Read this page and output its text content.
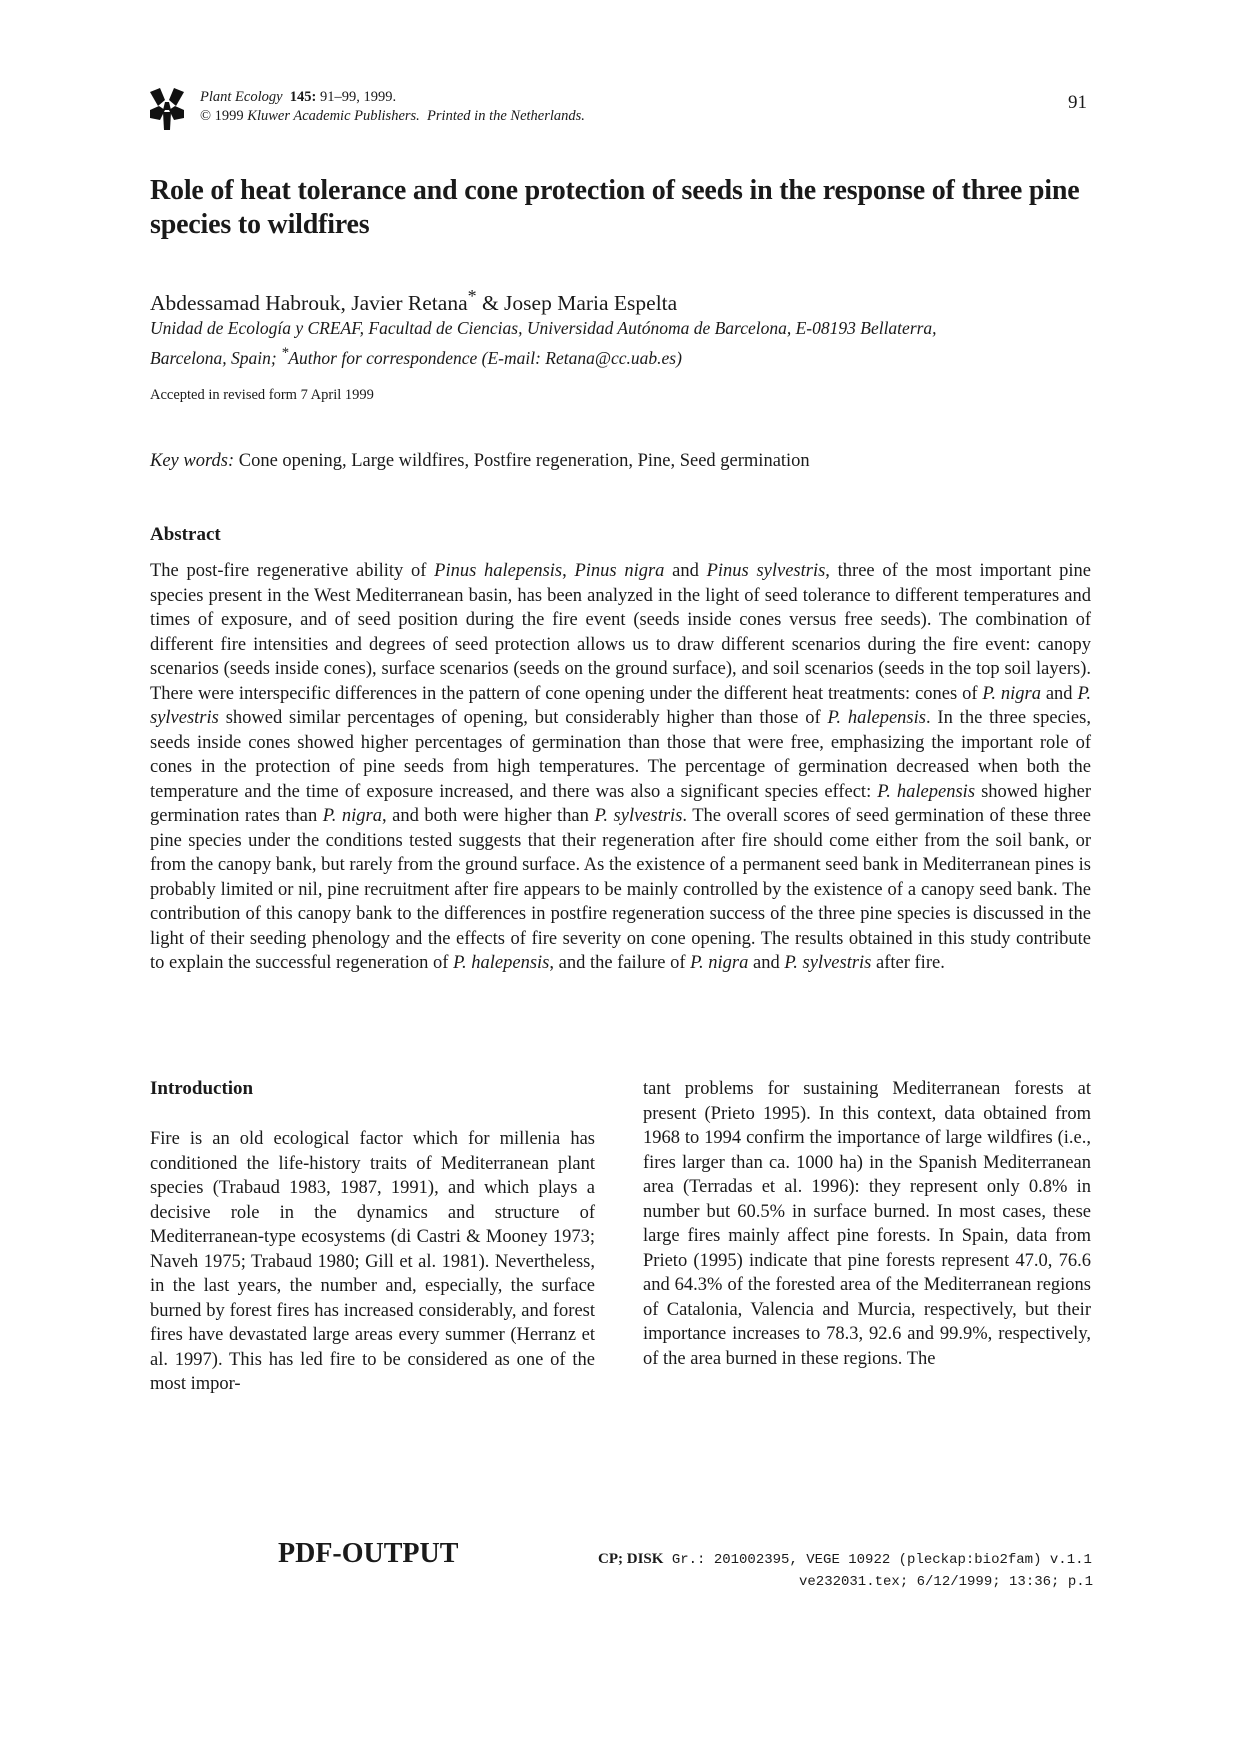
Plant Ecology 145: 91–99, 1999.
© 1999 Kluwer Academic Publishers. Printed in the Netherlands.
91
Role of heat tolerance and cone protection of seeds in the response of three pine species to wildfires
Abdessamad Habrouk, Javier Retana* & Josep Maria Espelta
Unidad de Ecología y CREAF, Facultad de Ciencias, Universidad Autónoma de Barcelona, E-08193 Bellaterra,
Barcelona, Spain; *Author for correspondence (E-mail: Retana@cc.uab.es)
Accepted in revised form 7 April 1999
Key words: Cone opening, Large wildfires, Postfire regeneration, Pine, Seed germination
Abstract
The post-fire regenerative ability of Pinus halepensis, Pinus nigra and Pinus sylvestris, three of the most important pine species present in the West Mediterranean basin, has been analyzed in the light of seed tolerance to different temperatures and times of exposure, and of seed position during the fire event (seeds inside cones versus free seeds). The combination of different fire intensities and degrees of seed protection allows us to draw different scenarios during the fire event: canopy scenarios (seeds inside cones), surface scenarios (seeds on the ground surface), and soil scenarios (seeds in the top soil layers). There were interspecific differences in the pattern of cone opening under the different heat treatments: cones of P. nigra and P. sylvestris showed similar percentages of opening, but considerably higher than those of P. halepensis. In the three species, seeds inside cones showed higher percentages of germination than those that were free, emphasizing the important role of cones in the protection of pine seeds from high temperatures. The percentage of germination decreased when both the temperature and the time of exposure increased, and there was also a significant species effect: P. halepensis showed higher germination rates than P. nigra, and both were higher than P. sylvestris. The overall scores of seed germination of these three pine species under the conditions tested suggests that their regeneration after fire should come either from the soil bank, or from the canopy bank, but rarely from the ground surface. As the existence of a permanent seed bank in Mediterranean pines is probably limited or nil, pine recruitment after fire appears to be mainly controlled by the existence of a canopy seed bank. The contribution of this canopy bank to the differences in postfire regeneration success of the three pine species is discussed in the light of their seeding phenology and the effects of fire severity on cone opening. The results obtained in this study contribute to explain the successful regeneration of P. halepensis, and the failure of P. nigra and P. sylvestris after fire.
Introduction
Fire is an old ecological factor which for millenia has conditioned the life-history traits of Mediterranean plant species (Trabaud 1983, 1987, 1991), and which plays a decisive role in the dynamics and structure of Mediterranean-type ecosystems (di Castri & Mooney 1973; Naveh 1975; Trabaud 1980; Gill et al. 1981). Nevertheless, in the last years, the number and, especially, the surface burned by forest fires has increased considerably, and forest fires have devastated large areas every summer (Herranz et al. 1997). This has led fire to be considered as one of the most impor-
tant problems for sustaining Mediterranean forests at present (Prieto 1995). In this context, data obtained from 1968 to 1994 confirm the importance of large wildfires (i.e., fires larger than ca. 1000 ha) in the Spanish Mediterranean area (Terradas et al. 1996): they represent only 0.8% in number but 60.5% in surface burned. In most cases, these large fires mainly affect pine forests. In Spain, data from Prieto (1995) indicate that pine forests represent 47.0, 76.6 and 64.3% of the forested area of the Mediterranean regions of Catalonia, Valencia and Murcia, respectively, but their importance increases to 78.3, 92.6 and 99.9%, respectively, of the area burned in these regions. The
PDF-OUTPUT	CP; DISK Gr.: 201002395, VEGE 10922 (pleckap:bio2fam) v.1.1
ve232031.tex; 6/12/1999; 13:36; p.1
